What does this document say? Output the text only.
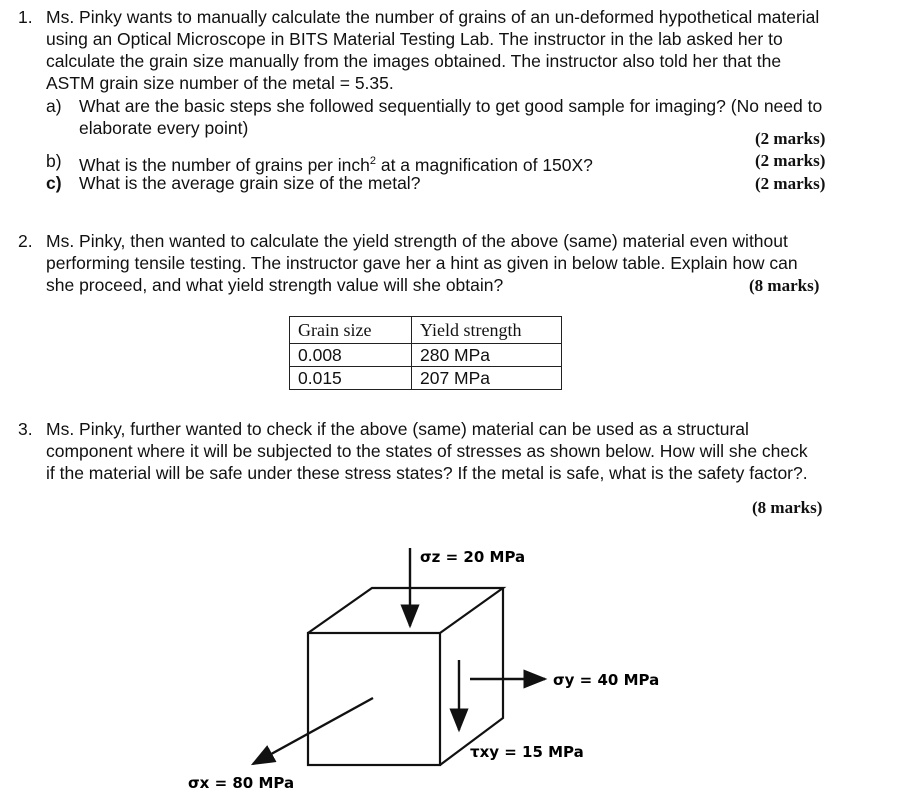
1. Ms. Pinky wants to manually calculate the number of grains of an un-deformed hypothetical material
using an Optical Microscope in BITS Material Testing Lab. The instructor in the lab asked her to
calculate the grain size manually from the images obtained. The instructor also told her that the
ASTM grain size number of the metal = 5.35.
a) What are the basic steps she followed sequentially to get good sample for imaging? (No need to
elaborate every point)
(2 marks)
b) What is the number of grains per inch$^2$ at a magnification of 150X?	(2 marks)
c) What is the average grain size of the metal?	(2 marks)
2. Ms. Pinky, then wanted to calculate the yield strength of the above (same) material even without
performing tensile testing. The instructor gave her a hint as given in below table. Explain how can
she proceed, and what yield strength value will she obtain?	(8 marks)
Grain size	Yield strength
0.008	280 MPa
0.015	207 MPa
3. Ms. Pinky, further wanted to check if the above (same) material can be used as a structural
component where it will be subjected to the states of stresses as shown below. How will she check
if the material will be safe under these stress states? If the metal is safe, what is the safety factor?.
(8 marks)
σz = 20 MPa
σy = 40 MPa
τxy = 15 MPa
σx = 80 MPa
